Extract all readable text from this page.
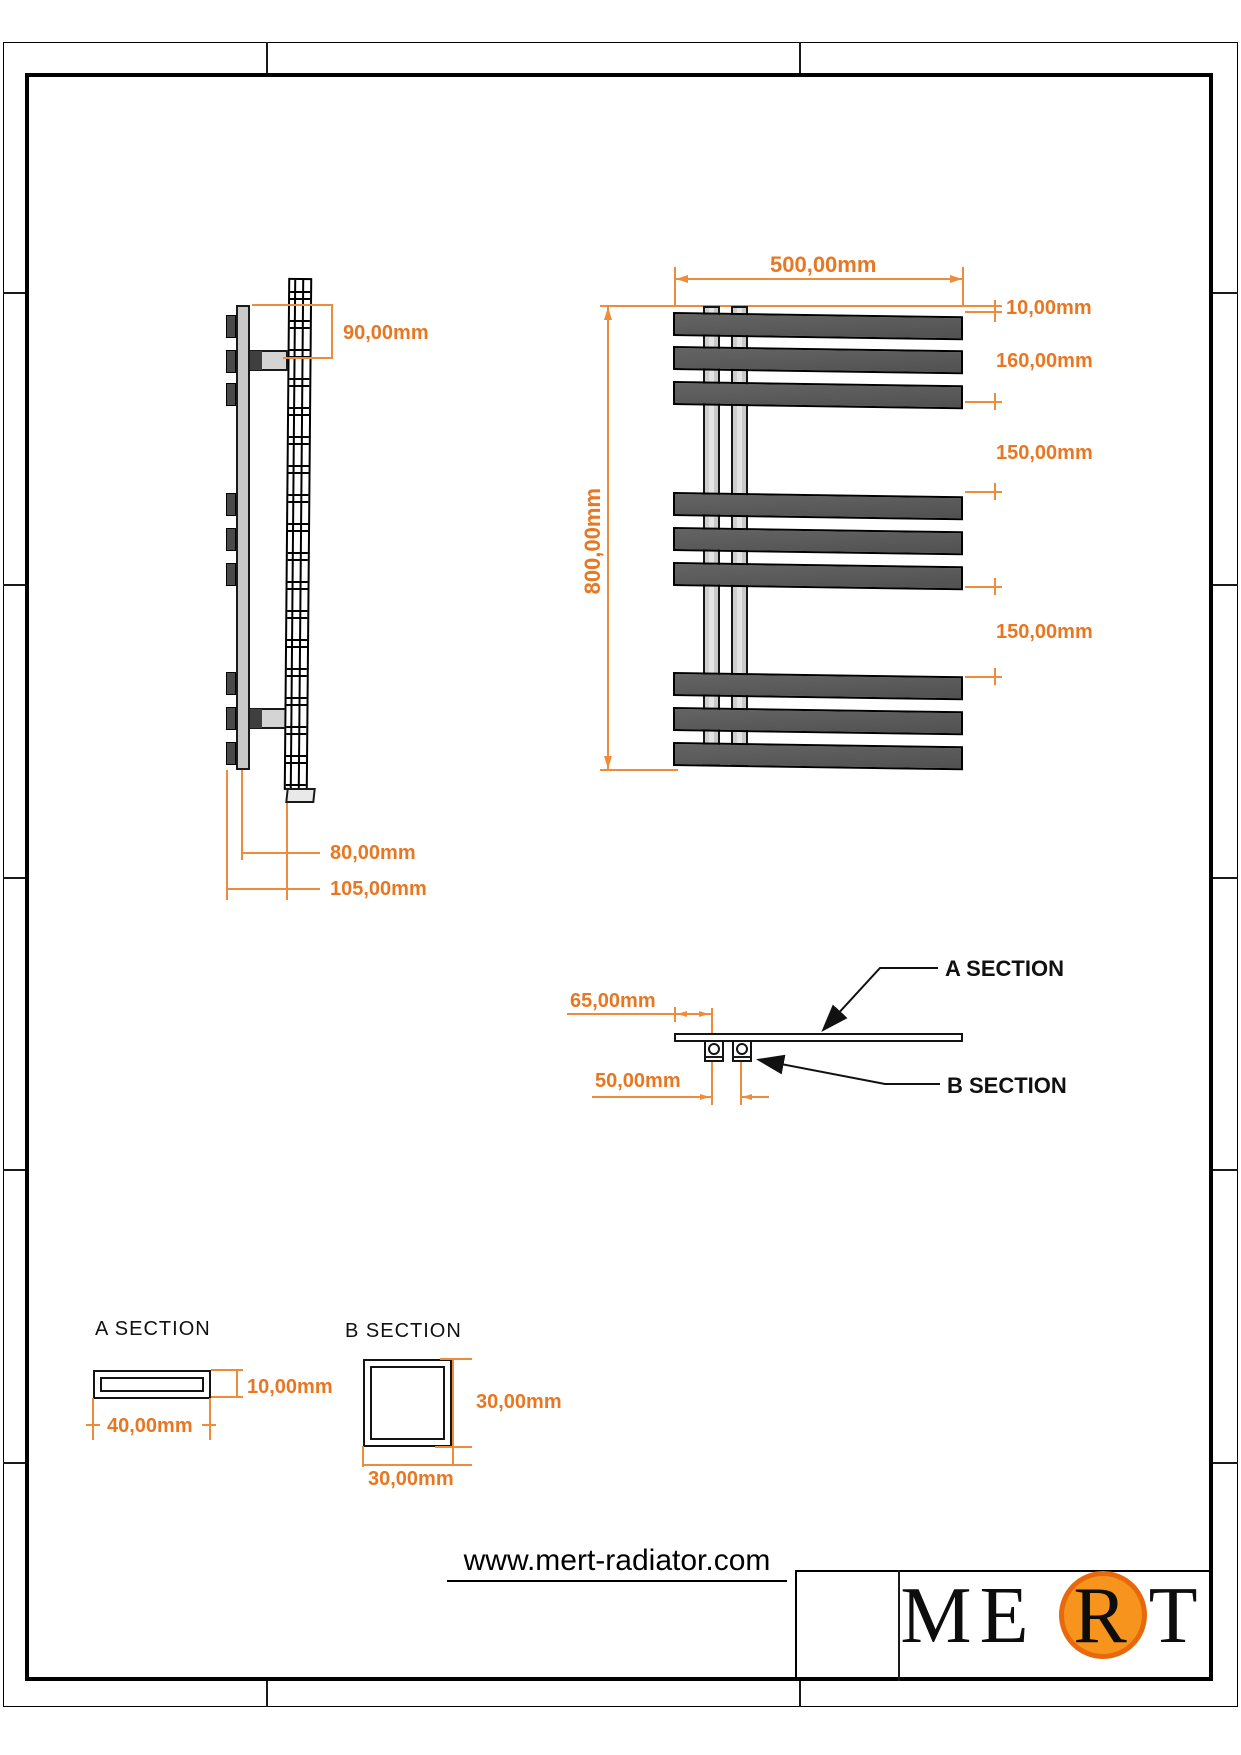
90,00mm
80,00mm
105,00mm
500,00mm
800,00mm
10,00mm
160,00mm
150,00mm
150,00mm
65,00mm
50,00mm
A SECTION
B SECTION
A SECTION
10,00mm
40,00mm
B SECTION
30,00mm
30,00mm
www.mert-radiator.com
M E R T
